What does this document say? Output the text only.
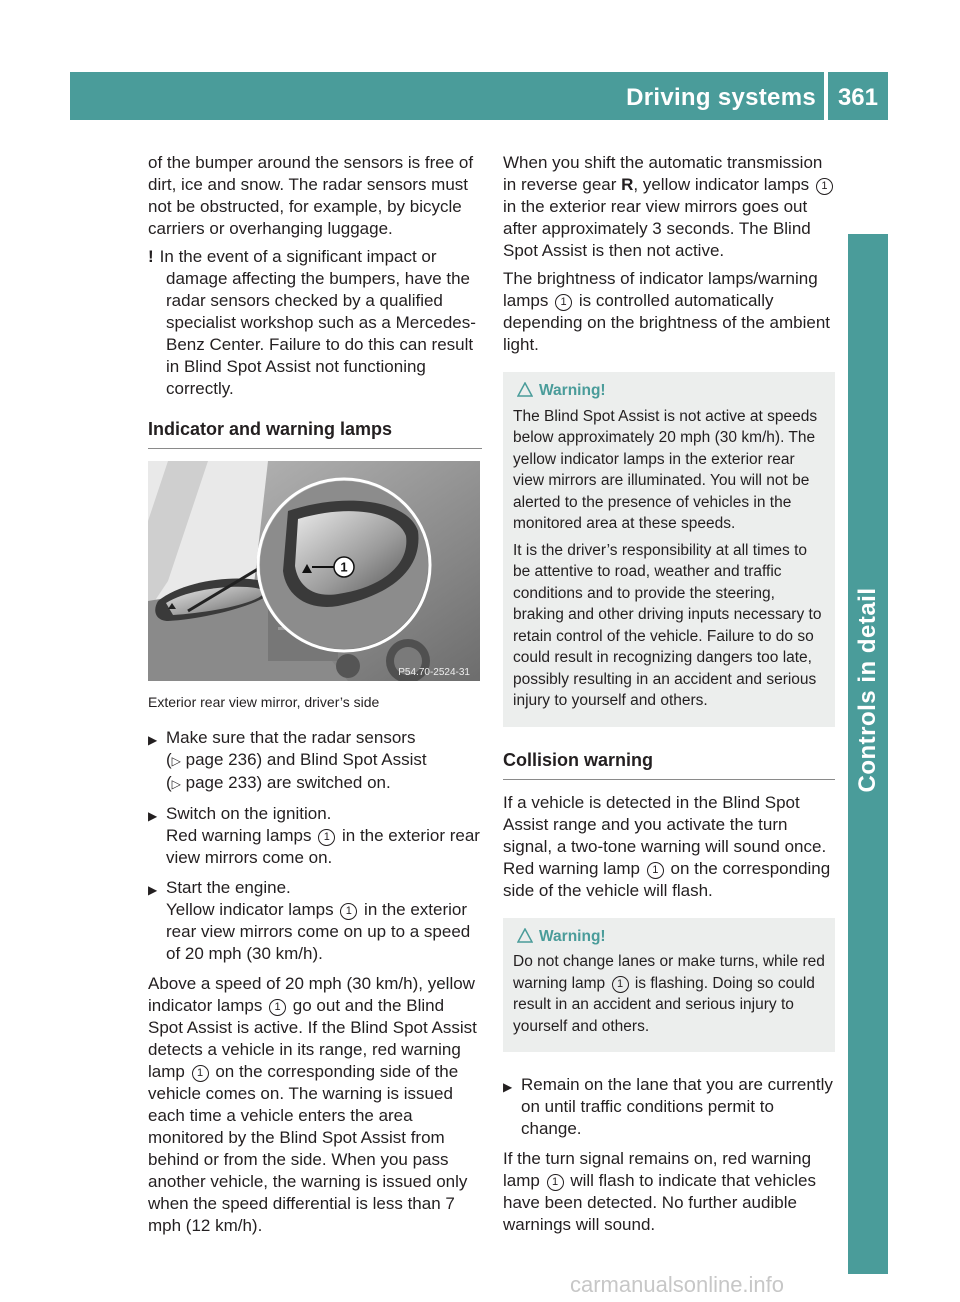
Driving systems 361
Controls in detail

of the bumper around the sensors is free of dirt, ice and snow. The radar sensors must not be obstructed, for example, by bicycle carriers or overhanging luggage.

! In the event of a significant impact or damage affecting the bumpers, have the radar sensors checked by a qualified specialist workshop such as a Mercedes-Benz Center. Failure to do this can result in Blind Spot Assist not functioning correctly.

Indicator and warning lamps
1
P54.70-2524-31
Exterior rear view mirror, driver’s side
▶ Make sure that the radar sensors
(▷ page 236) and Blind Spot Assist
(▷ page 233) are switched on.
▶ Switch on the ignition.
Red warning lamps 1 in the exterior rear view mirrors come on.
▶ Start the engine.
Yellow indicator lamps 1 in the exterior rear view mirrors come on up to a speed of 20 mph (30 km/h).

Above a speed of 20 mph (30 km/h), yellow indicator lamps 1 go out and the Blind Spot Assist is active. If the Blind Spot Assist detects a vehicle in its range, red warning lamp 1 on the corresponding side of the vehicle comes on. The warning is issued each time a vehicle enters the area monitored by the Blind Spot Assist from behind or from the side. When you pass another vehicle, the warning is issued only when the speed differential is less than 7 mph (12 km/h).

When you shift the automatic transmission in reverse gear R, yellow indicator lamps 1 in the exterior rear view mirrors goes out after approximately 3 seconds. The Blind Spot Assist is then not active.

The brightness of indicator lamps/warning lamps 1 is controlled automatically depending on the brightness of the ambient light.

Warning!

The Blind Spot Assist is not active at speeds below approximately 20 mph (30 km/h). The yellow indicator lamps in the exterior rear view mirrors are illuminated. You will not be alerted to the presence of vehicles in the monitored area at these speeds.

It is the driver’s responsibility at all times to be attentive to road, weather and traffic conditions and to provide the steering, braking and other driving inputs necessary to retain control of the vehicle. Failure to do so could result in recognizing dangers too late, possibly resulting in an accident and serious injury to yourself and others.

Collision warning

If a vehicle is detected in the Blind Spot Assist range and you activate the turn signal, a two-tone warning will sound once. Red warning lamp 1 on the corresponding side of the vehicle will flash.

Warning!

Do not change lanes or make turns, while red warning lamp 1 is flashing. Doing so could result in an accident and serious injury to yourself and others.

▶ Remain on the lane that you are currently on until traffic conditions permit to change.

If the turn signal remains on, red warning lamp 1 will flash to indicate that vehicles have been detected. No further audible warnings will sound.

carmanualsonline.info
